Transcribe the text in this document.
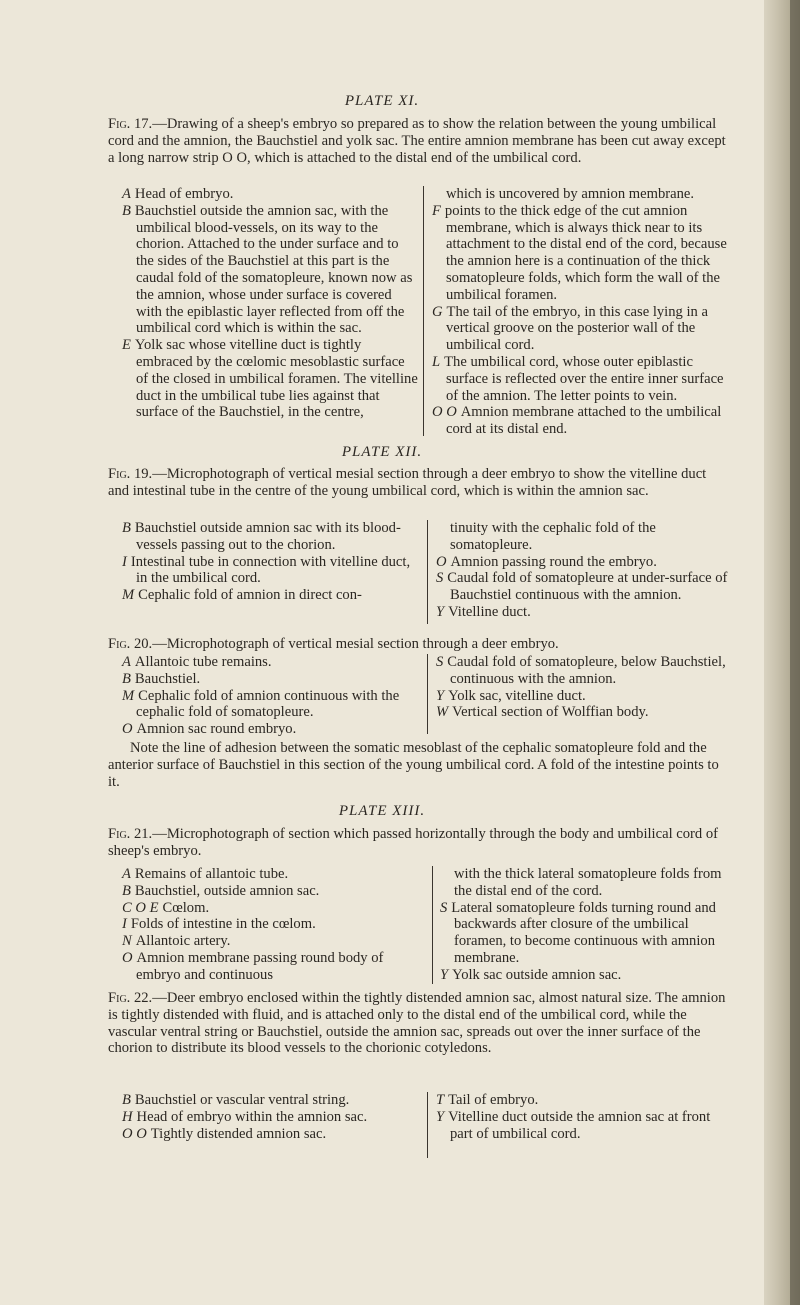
PLATE XI.
Fig. 17.—Drawing of a sheep's embryo so prepared as to show the relation between the young umbilical cord and the amnion, the Bauchstiel and yolk sac. The entire amnion membrane has been cut away except a long narrow strip O O, which is attached to the distal end of the umbilical cord.

A Head of embryo.

B Bauchstiel outside the amnion sac, with the umbilical blood-vessels, on its way to the chorion. Attached to the under surface and to the sides of the Bauchstiel at this part is the caudal fold of the somatopleure, known now as the amnion, whose under surface is covered with the epiblastic layer reflected from off the umbilical cord which is within the sac.

E Yolk sac whose vitelline duct is tightly embraced by the cœlomic mesoblastic surface of the closed in umbilical foramen. The vitelline duct in the umbilical tube lies against that surface of the Bauchstiel, in the centre,

which is uncovered by amnion membrane.

F points to the thick edge of the cut amnion membrane, which is always thick near to its attachment to the distal end of the cord, because the amnion here is a continuation of the thick somatopleure folds, which form the wall of the umbilical foramen.

G The tail of the embryo, in this case lying in a vertical groove on the posterior wall of the umbilical cord.

L The umbilical cord, whose outer epiblastic surface is reflected over the entire inner surface of the amnion. The letter points to vein.

O O Amnion membrane attached to the umbilical cord at its distal end.

PLATE XII.
Fig. 19.—Microphotograph of vertical mesial section through a deer embryo to show the vitelline duct and intestinal tube in the centre of the young umbilical cord, which is within the amnion sac.

B Bauchstiel outside amnion sac with its blood-vessels passing out to the chorion.

I Intestinal tube in connection with vitelline duct, in the umbilical cord.

M Cephalic fold of amnion in direct con-

tinuity with the cephalic fold of the somatopleure.

O Amnion passing round the embryo.

S Caudal fold of somatopleure at under-surface of Bauchstiel continuous with the amnion.

Y Vitelline duct.

Fig. 20.—Microphotograph of vertical mesial section through a deer embryo.

A Allantoic tube remains.

B Bauchstiel.

M Cephalic fold of amnion continuous with the cephalic fold of somatopleure.

O Amnion sac round embryo.

S Caudal fold of somatopleure, below Bauchstiel, continuous with the amnion.

Y Yolk sac, vitelline duct.

W Vertical section of Wolffian body.

Note the line of adhesion between the somatic mesoblast of the cephalic somatopleure fold and the anterior surface of Bauchstiel in this section of the young umbilical cord. A fold of the intestine points to it.
PLATE XIII.
Fig. 21.—Microphotograph of section which passed horizontally through the body and umbilical cord of sheep's embryo.

A Remains of allantoic tube.

B Bauchstiel, outside amnion sac.

C O E Cœlom.

I Folds of intestine in the cœlom.

N Allantoic artery.

O Amnion membrane passing round body of embryo and continuous

with the thick lateral somatopleure folds from the distal end of the cord.

S Lateral somatopleure folds turning round and backwards after closure of the umbilical foramen, to become continuous with amnion membrane.

Y Yolk sac outside amnion sac.

Fig. 22.—Deer embryo enclosed within the tightly distended amnion sac, almost natural size. The amnion is tightly distended with fluid, and is attached only to the distal end of the umbilical cord, while the vascular ventral string or Bauchstiel, outside the amnion sac, spreads out over the inner surface of the chorion to distribute its blood vessels to the chorionic cotyledons.

B Bauchstiel or vascular ventral string.

H Head of embryo within the amnion sac.

O O Tightly distended amnion sac.

T Tail of embryo.

Y Vitelline duct outside the amnion sac at front part of umbilical cord.
